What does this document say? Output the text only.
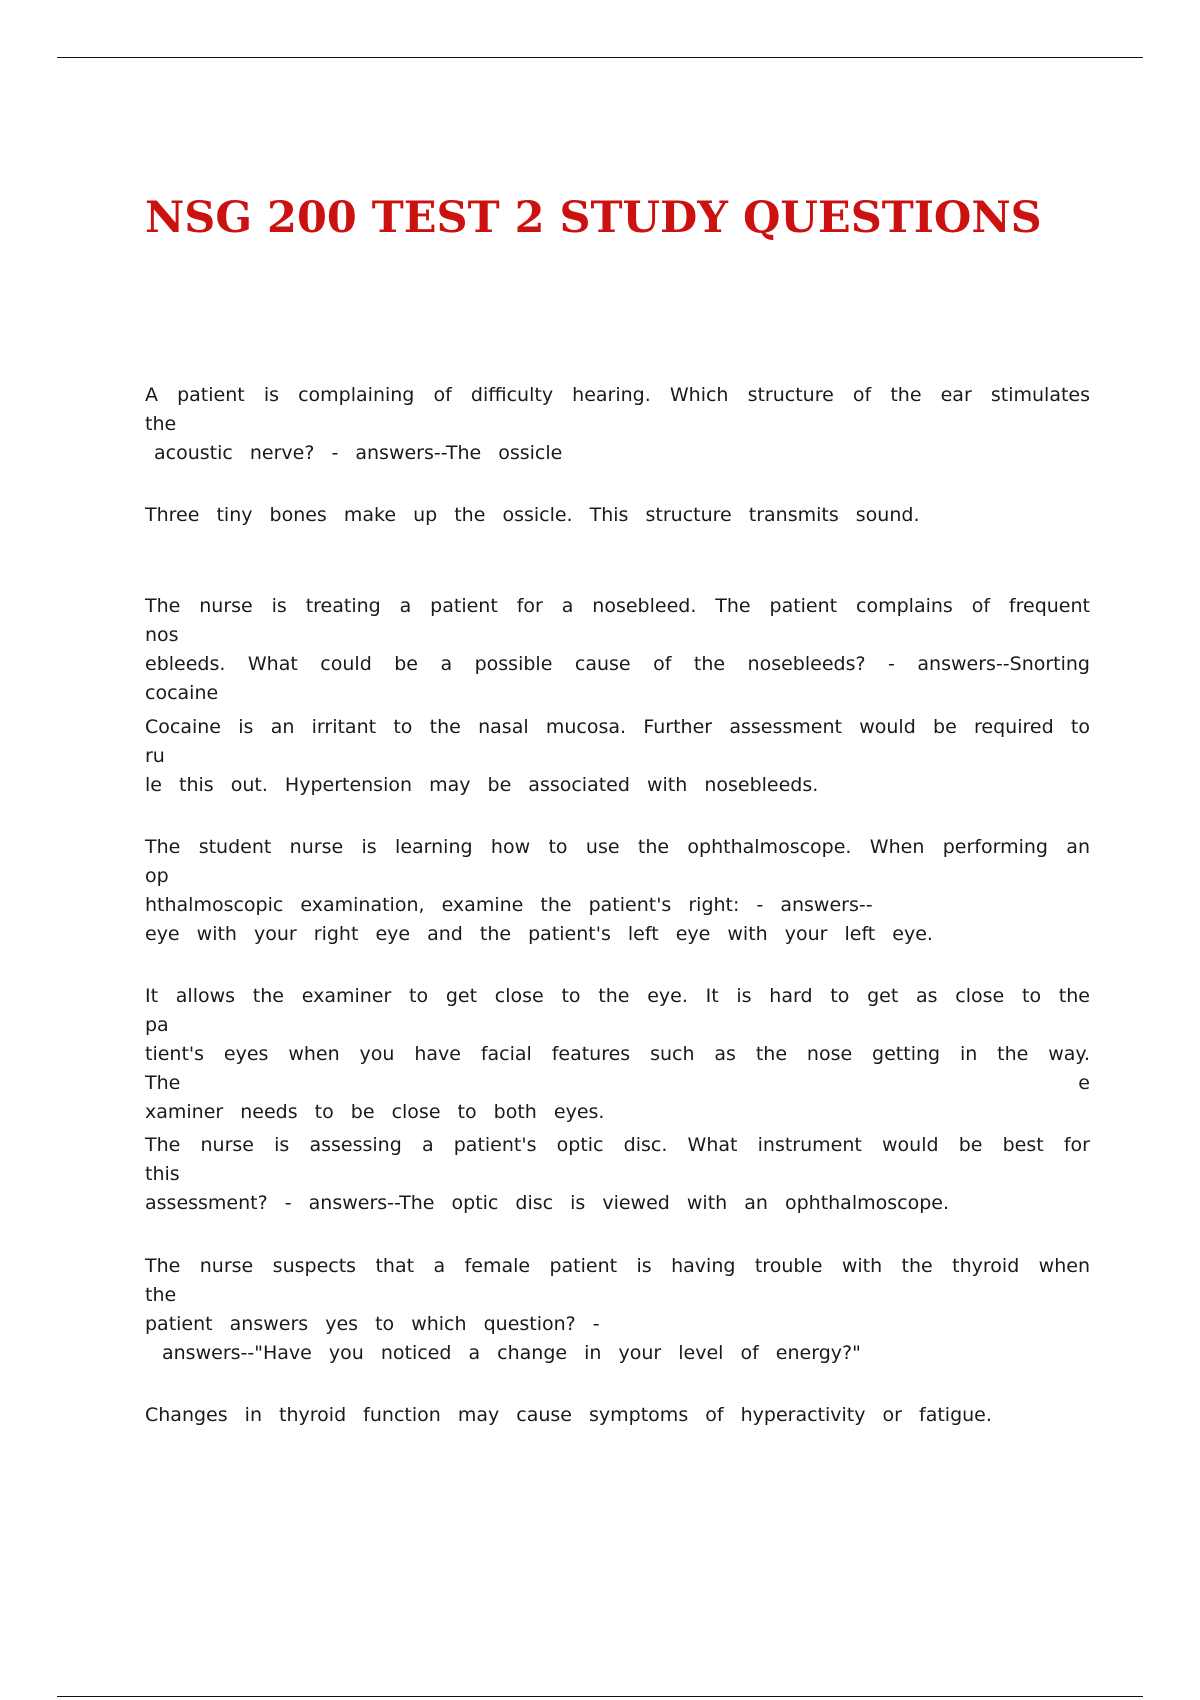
NSG 200 TEST 2 STUDY QUESTIONS
A patient is complaining of difficulty hearing. Which structure of the ear stimulates the
acoustic nerve? - answers--The ossicle
Three tiny bones make up the ossicle. This structure transmits sound.
The nurse is treating a patient for a nosebleed. The patient complains of frequent nos
ebleeds. What could be a possible cause of the nosebleeds? - answers--Snorting cocaine
Cocaine is an irritant to the nasal mucosa. Further assessment would be required to ru
le this out. Hypertension may be associated with nosebleeds.
The student nurse is learning how to use the ophthalmoscope. When performing an op
hthalmoscopic examination, examine the patient's right: - answers--
eye with your right eye and the patient's left eye with your left eye.
It allows the examiner to get close to the eye. It is hard to get as close to the pa
tient's eyes when you have facial features such as the nose getting in the way. The e
xaminer needs to be close to both eyes.
The nurse is assessing a patient's optic disc. What instrument would be best for this
assessment? - answers--The optic disc is viewed with an ophthalmoscope.
The nurse suspects that a female patient is having trouble with the thyroid when the
patient answers yes to which question? -
answers--"Have you noticed a change in your level of energy?"
Changes in thyroid function may cause symptoms of hyperactivity or fatigue.
